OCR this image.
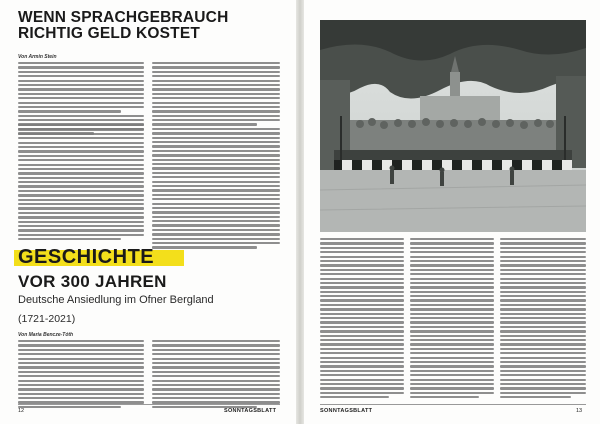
WENN SPRACHGEBRAUCH
RICHTIG GELD KOSTET
Von Armin Stein
GESCHICHTE
VOR 300 JAHREN
Deutsche Ansiedlung im Ofner Bergland
(1721-2021)
Von Maria Bencze-Tóth
12	SONNTAGSBLATT	SONNTAGSBLATT	13
